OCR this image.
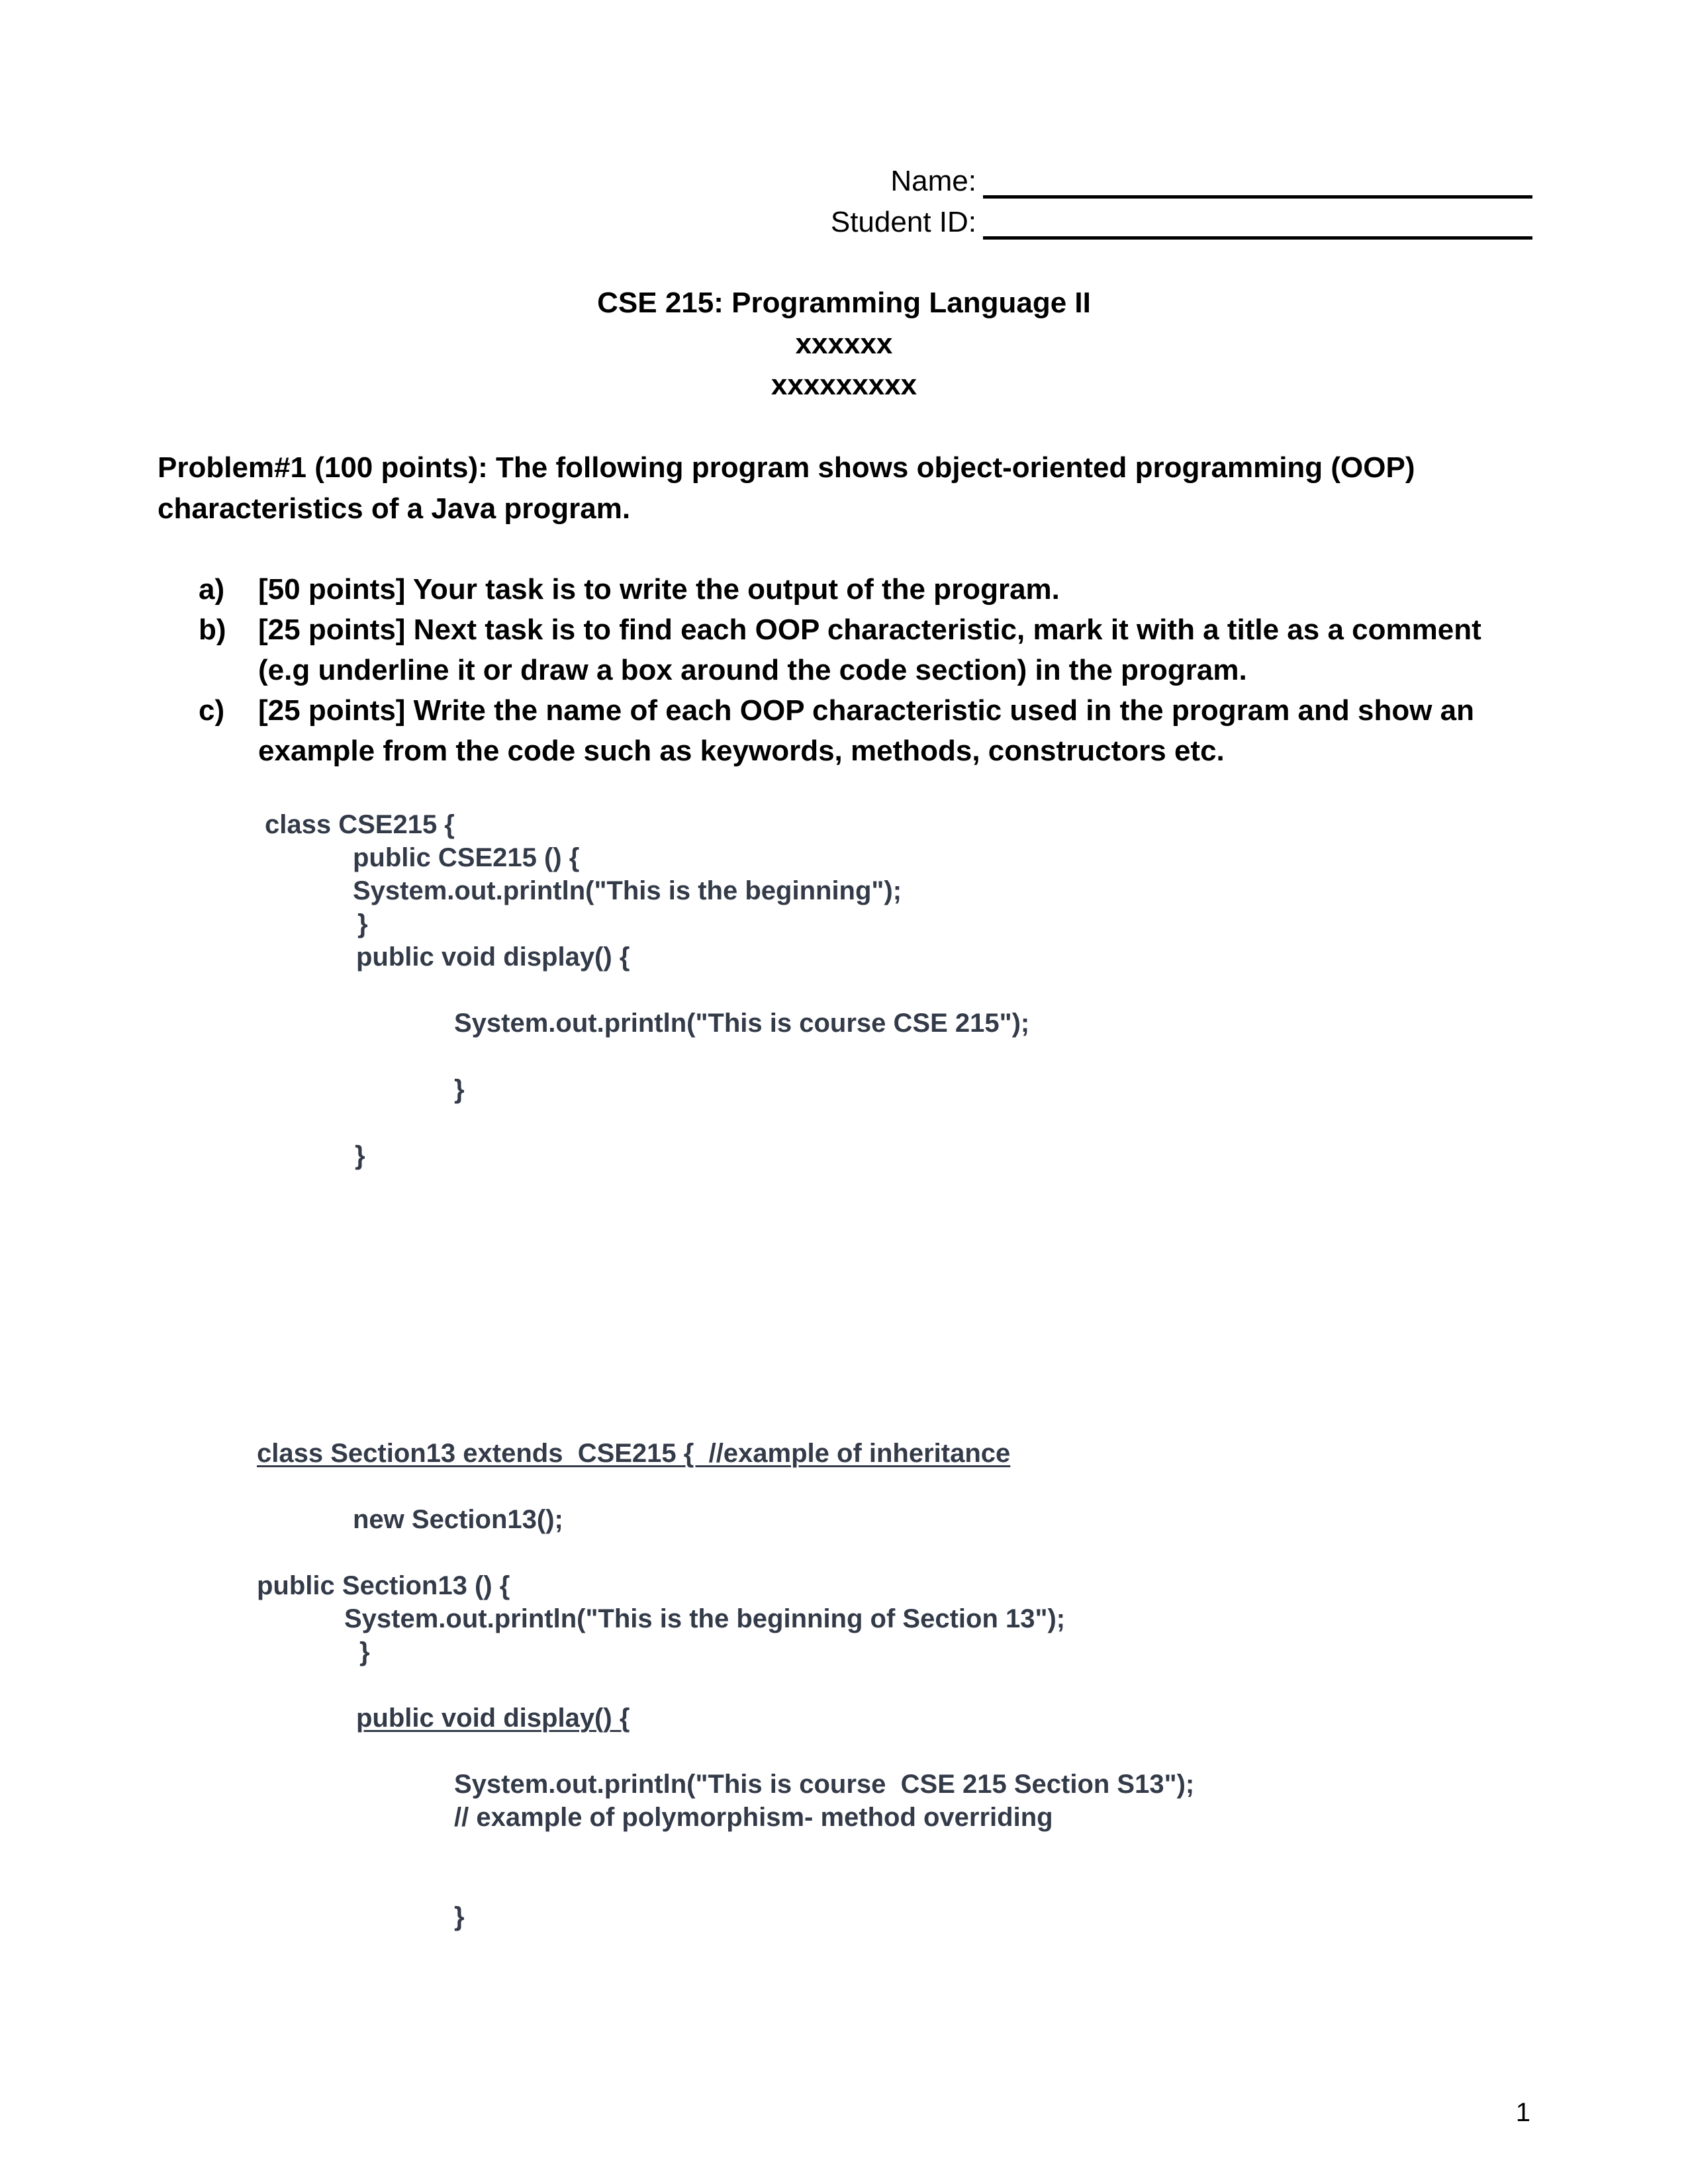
Name:
Student ID:
CSE 215: Programming Language II
xxxxxx
xxxxxxxxx
Problem#1 (100 points): The following program shows object-oriented programming (OOP) characteristics of a Java program.
a)	[50 points] Your task is to write the output of the program.
b)	[25 points] Next task is to find each OOP characteristic, mark it with a title as a comment (e.g underline it or draw a box around the code section) in the program.
c)	[25 points] Write the name of each OOP characteristic used in the program and show an example from the code such as keywords, methods, constructors etc.
class CSE215 {
public CSE215 () {
System.out.println("This is the beginning");
}
public void display() {
System.out.println("This is course CSE 215");
}
}
class Section13 extends  CSE215 {  //example of inheritance
new Section13();
public Section13 () {
System.out.println("This is the beginning of Section 13");
}
public void display() {
System.out.println("This is course  CSE 215 Section S13");
// example of polymorphism- method overriding
}
1
